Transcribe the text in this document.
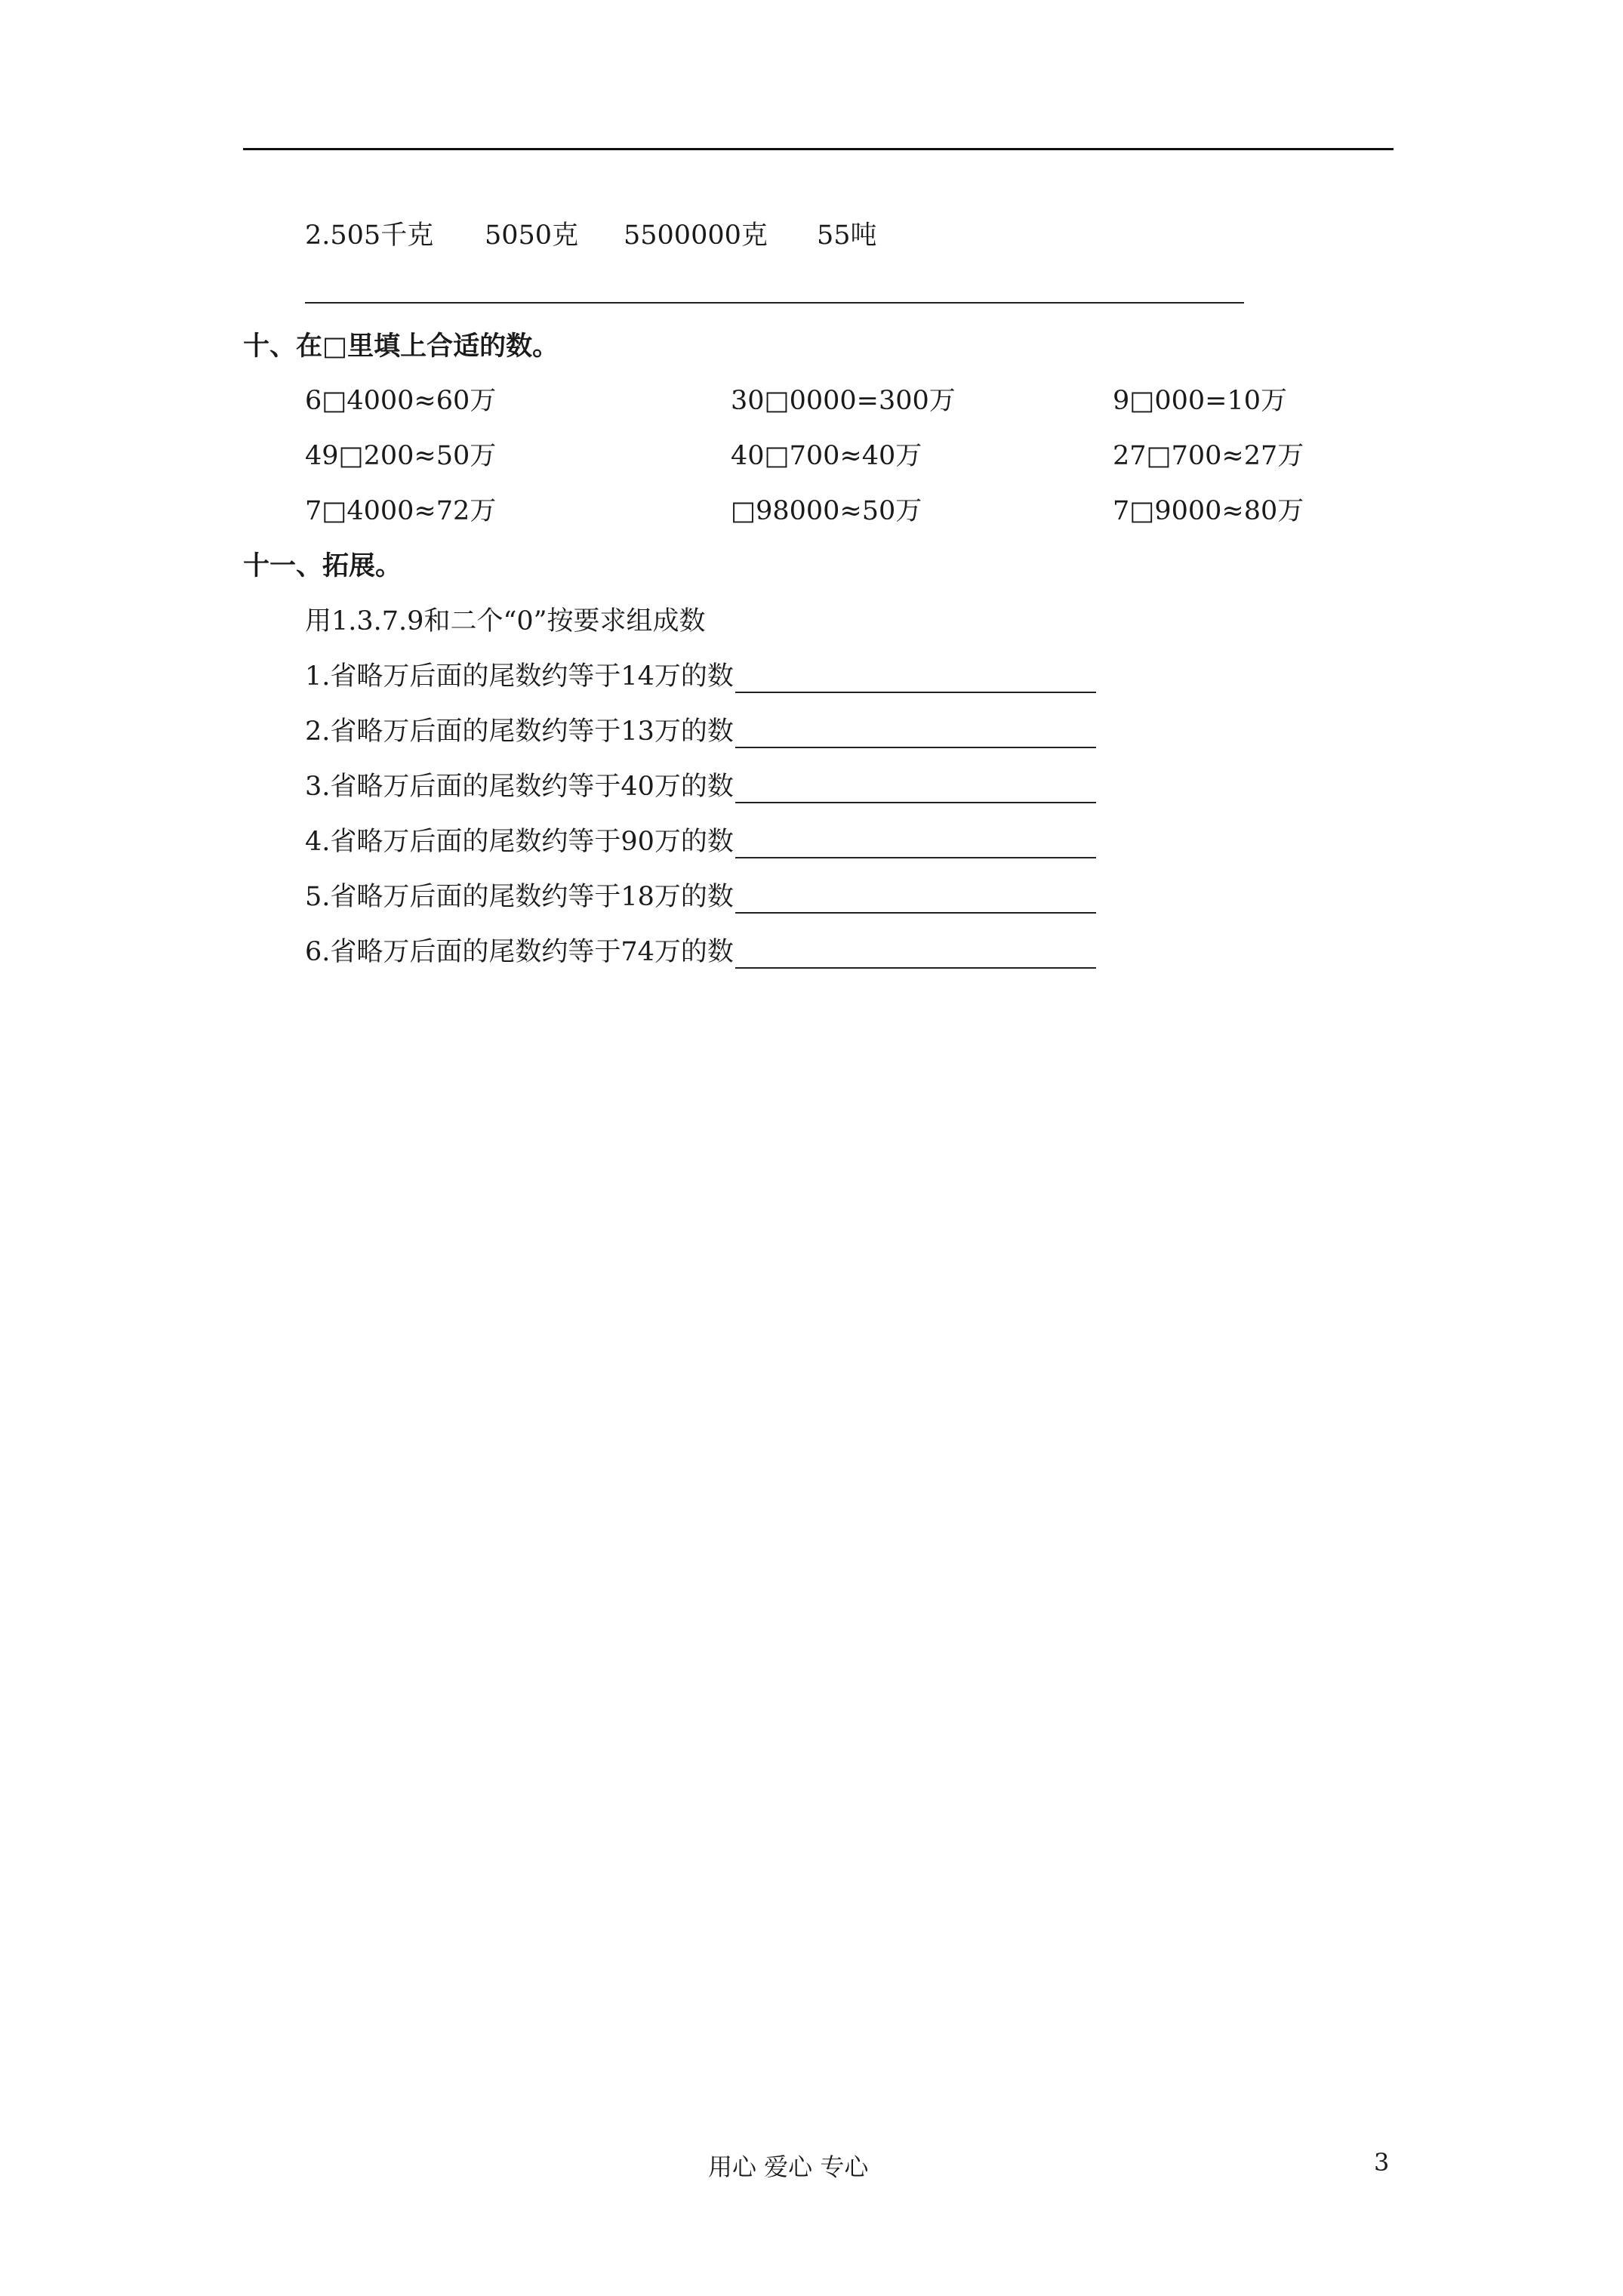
2.505千克 5050克 5500000克 55吨
十、在□里填上合适的数。
6□4000≈60万	30□0000=300万	9□000=10万
49□200≈50万	40□700≈40万	27□700≈27万
7□4000≈72万	□98000≈50万	7□9000≈80万
十一、拓展。
用1.3.7.9和二个“0”按要求组成数
1.省略万后面的尾数约等于14万的数
2.省略万后面的尾数约等于13万的数
3.省略万后面的尾数约等于40万的数
4.省略万后面的尾数约等于90万的数
5.省略万后面的尾数约等于18万的数
6.省略万后面的尾数约等于74万的数
用心 爱心 专心	3
